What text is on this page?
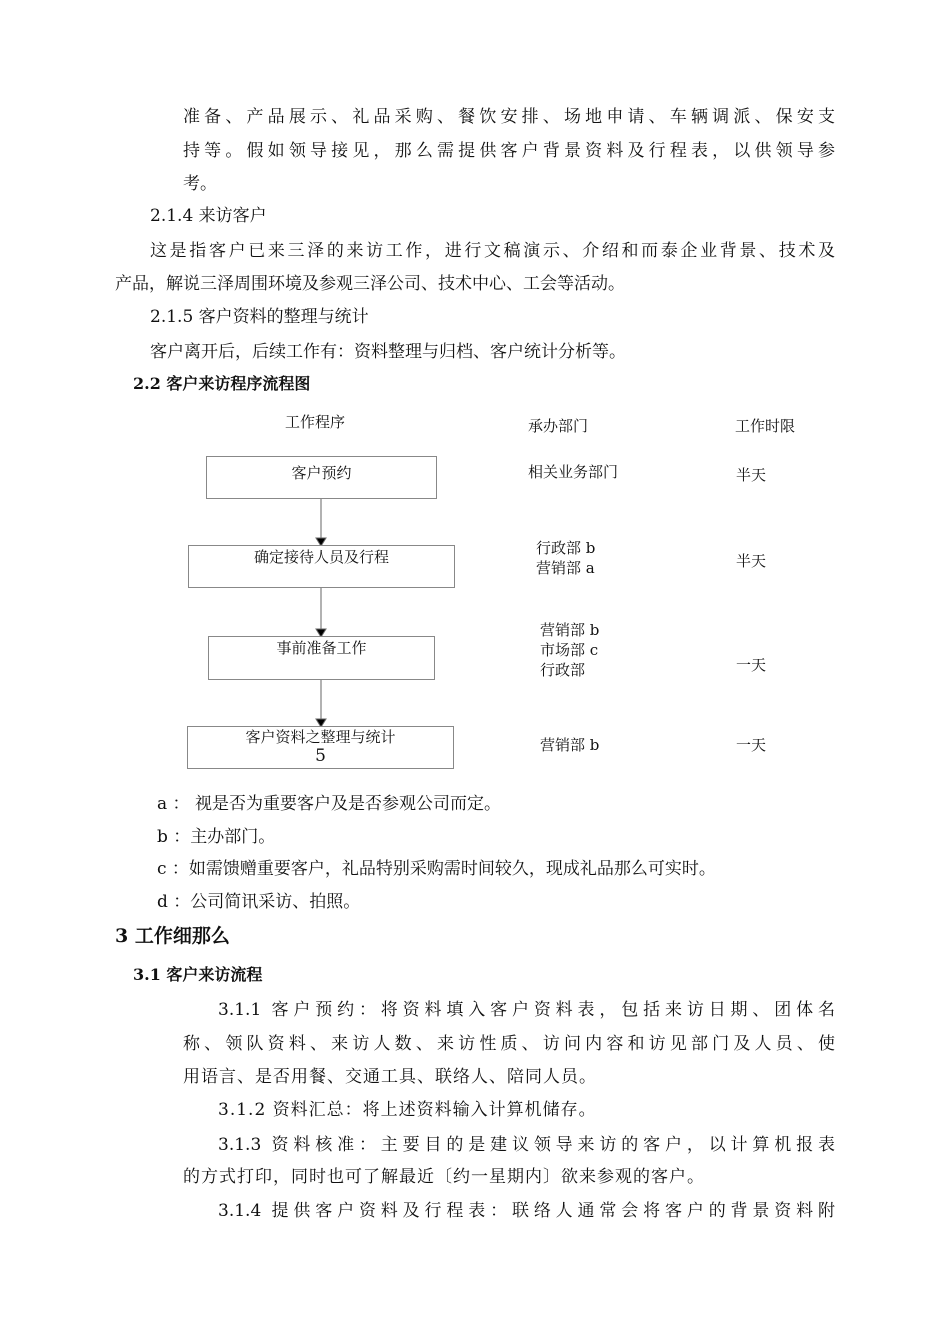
准备、产品展示、礼品采购、餐饮安排、场地申请、车辆调派、保安支
持等。假如领导接见，那么需提供客户背景资料及行程表，以供领导参
考。
2.1.4 来访客户
这是指客户已来三泽的来访工作，进行文稿演示、介绍和而泰企业背景、技术及
产品，解说三泽周围环境及参观三泽公司、技术中心、工会等活动。
2.1.5 客户资料的整理与统计
客户离开后，后续工作有：资料整理与归档、客户统计分析等。
2.2 客户来访程序流程图
工作程序	承办部门	工作时限
客户预约
确定接待人员及行程
事前准备工作
客户资料之整理与统计
5
相关业务部门
行政部 b
营销部 a
营销部 b
市场部 c
行政部
营销部 b
半天
半天
一天
一天
a ： 视是否为重要客户及是否参观公司而定。
b ：主办部门。
c ：如需馈赠重要客户，礼品特别采购需时间较久，现成礼品那么可实时。
d ：公司简讯采访、拍照。
3 工作细那么
3.1 客户来访流程
3.1.1 客户预约：将资料填入客户资料表，包括来访日期、团体名
称、领队资料、来访人数、来访性质、访问内容和访见部门及人员、使
用语言、是否用餐、交通工具、联络人、陪同人员。
3.1.2 资料汇总：将上述资料输入计算机储存。
3.1.3 资料核准：主要目的是建议领导来访的客户，以计算机报表
的方式打印，同时也可了解最近〔约一星期内〕欲来参观的客户。
3.1.4 提供客户资料及行程表：联络人通常会将客户的背景资料附
